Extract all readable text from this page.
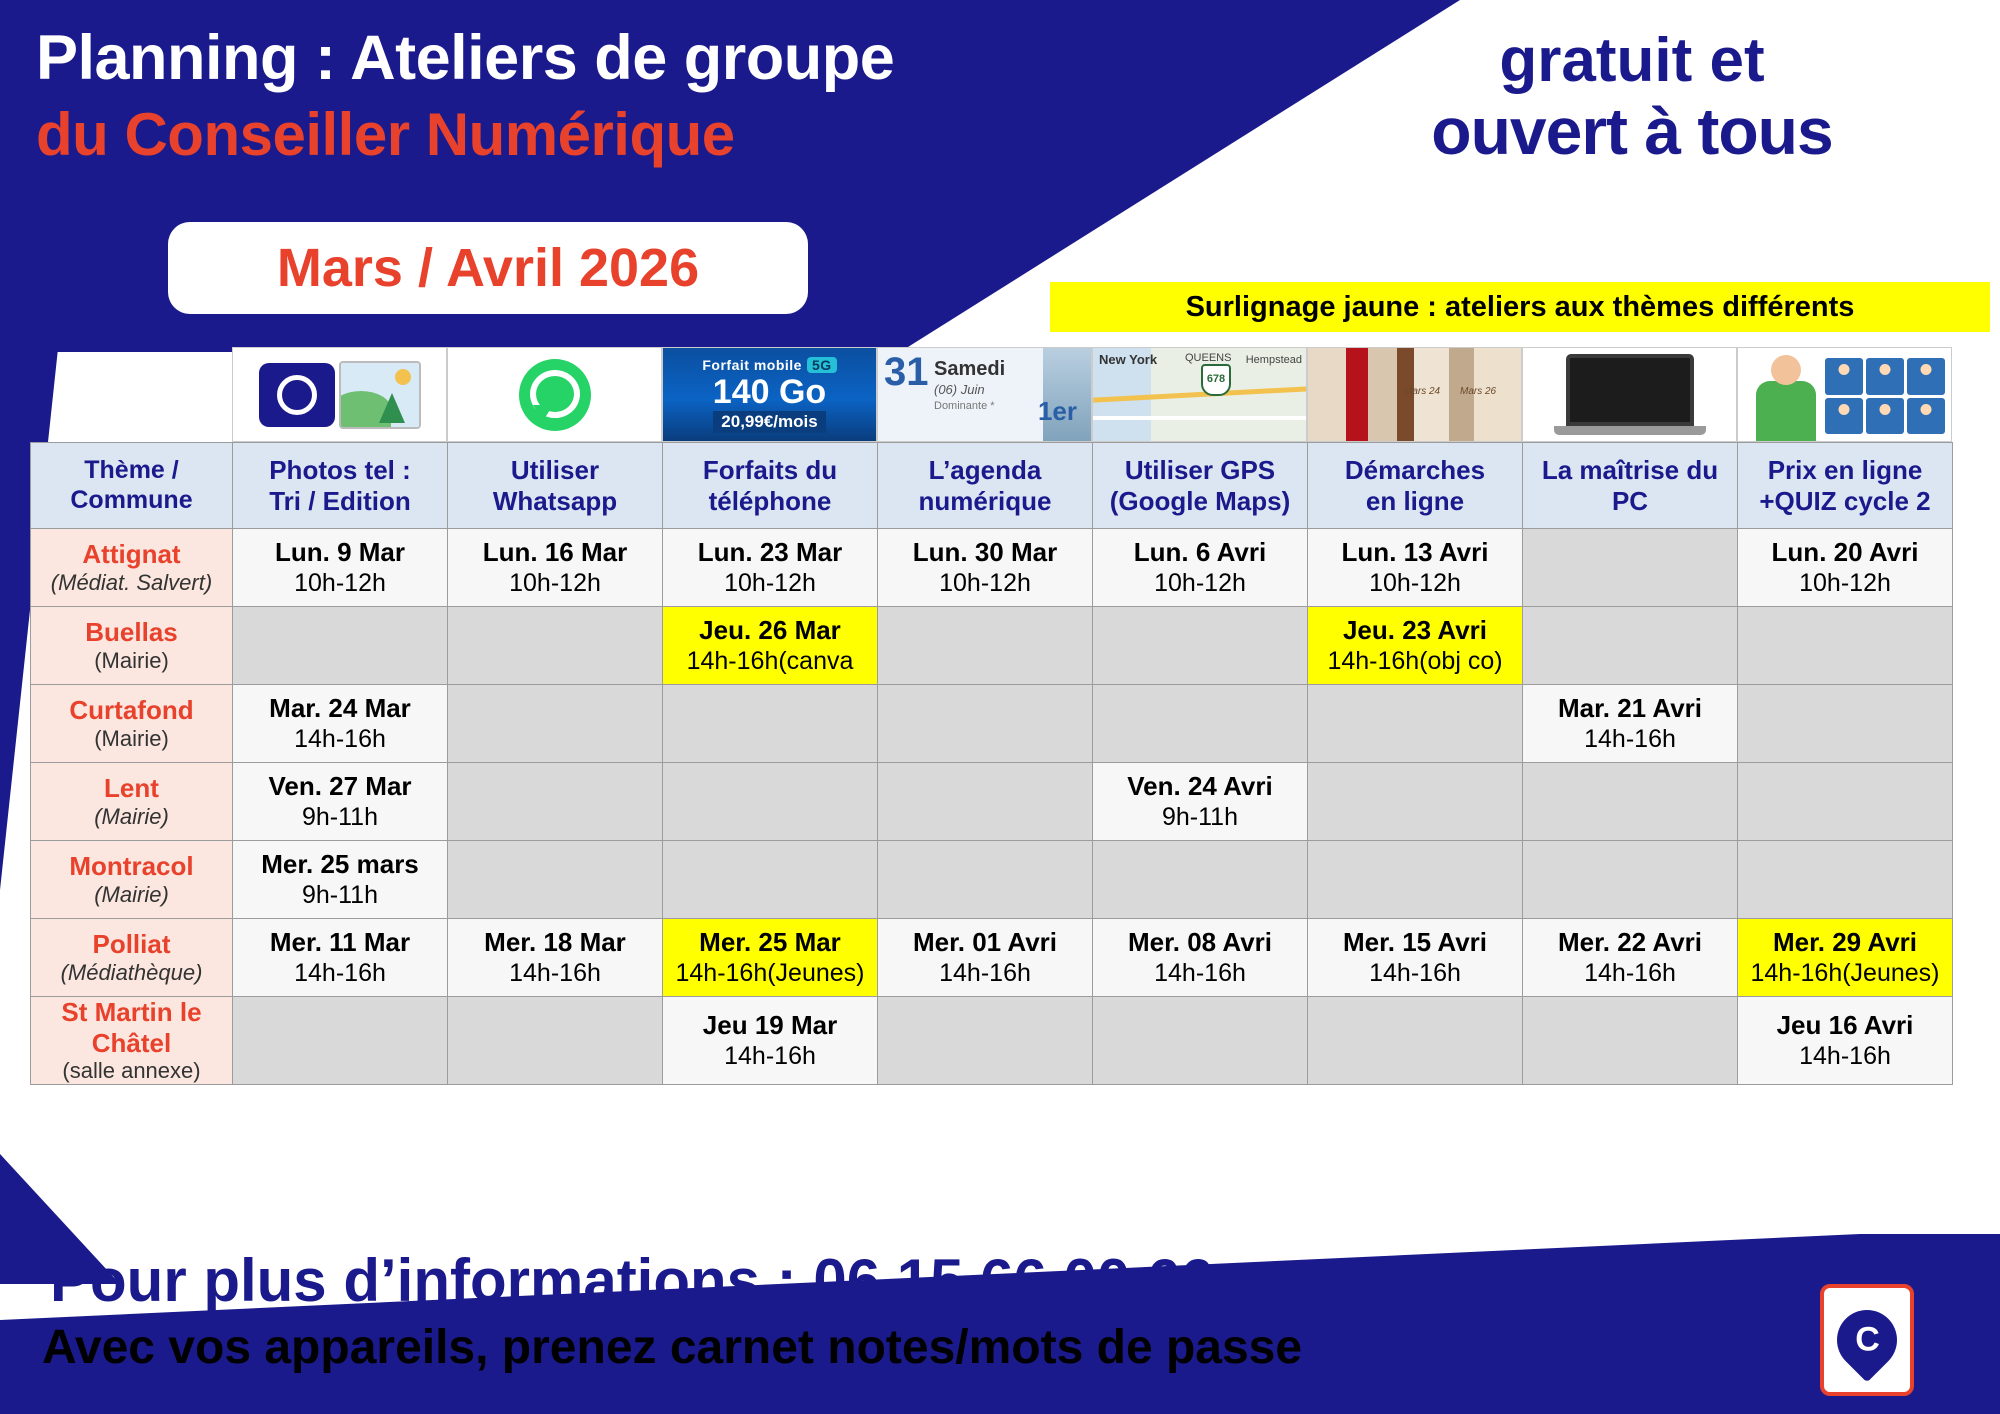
Planning : Ateliers de groupe
du Conseiller Numérique
Mars / Avril 2026
gratuit et
ouvert à tous
Surlignage jaune : ateliers aux thèmes différents
Forfait mobile 5G
140 Go
20,99€/mois
31 Samedi
(06) Juin
Dominante * 1er
New York	QUEENS Hempstead
678
Mars 24 Mars 26
Thème /
Commune	Photos tel :
Tri / Edition	Utiliser
Whatsapp	Forfaits du
téléphone	L’agenda
numérique	Utiliser GPS
(Google Maps)	Démarches
en ligne	La maîtrise du
PC	Prix en ligne
+QUIZ cycle 2

Attignat
(Médiat. Salvert)	Lun. 9 Mar
10h-12h	Lun. 16 Mar
10h-12h	Lun. 23 Mar
10h-12h	Lun. 30 Mar
10h-12h	Lun. 6 Avri
10h-12h	Lun. 13 Avri
10h-12h		Lun. 20 Avri
10h-12h

Buellas
(Mairie)			Jeu. 26 Mar
14h-16h(canva			Jeu. 23 Avri
14h-16h(obj co)		

Curtafond
(Mairie)	Mar. 24 Mar
14h-16h						Mar. 21 Avri
14h-16h	

Lent
(Mairie)	Ven. 27 Mar
9h-11h				Ven. 24 Avri
9h-11h			

Montracol
(Mairie)	Mer. 25 mars
9h-11h							

Polliat
(Médiathèque)	Mer. 11 Mar
14h-16h	Mer. 18 Mar
14h-16h	Mer. 25 Mar
14h-16h(Jeunes)	Mer. 01 Avri
14h-16h	Mer. 08 Avri
14h-16h	Mer. 15 Avri
14h-16h	Mer. 22 Avri
14h-16h	Mer. 29 Avri
14h-16h(Jeunes)

St Martin le Châtel
(salle annexe)			Jeu 19 Mar
14h-16h					Jeu 16 Avri
14h-16h
Pour plus d’informations : 06.15.66.00.66
Avec vos appareils, prenez carnet notes/mots de passe	C
